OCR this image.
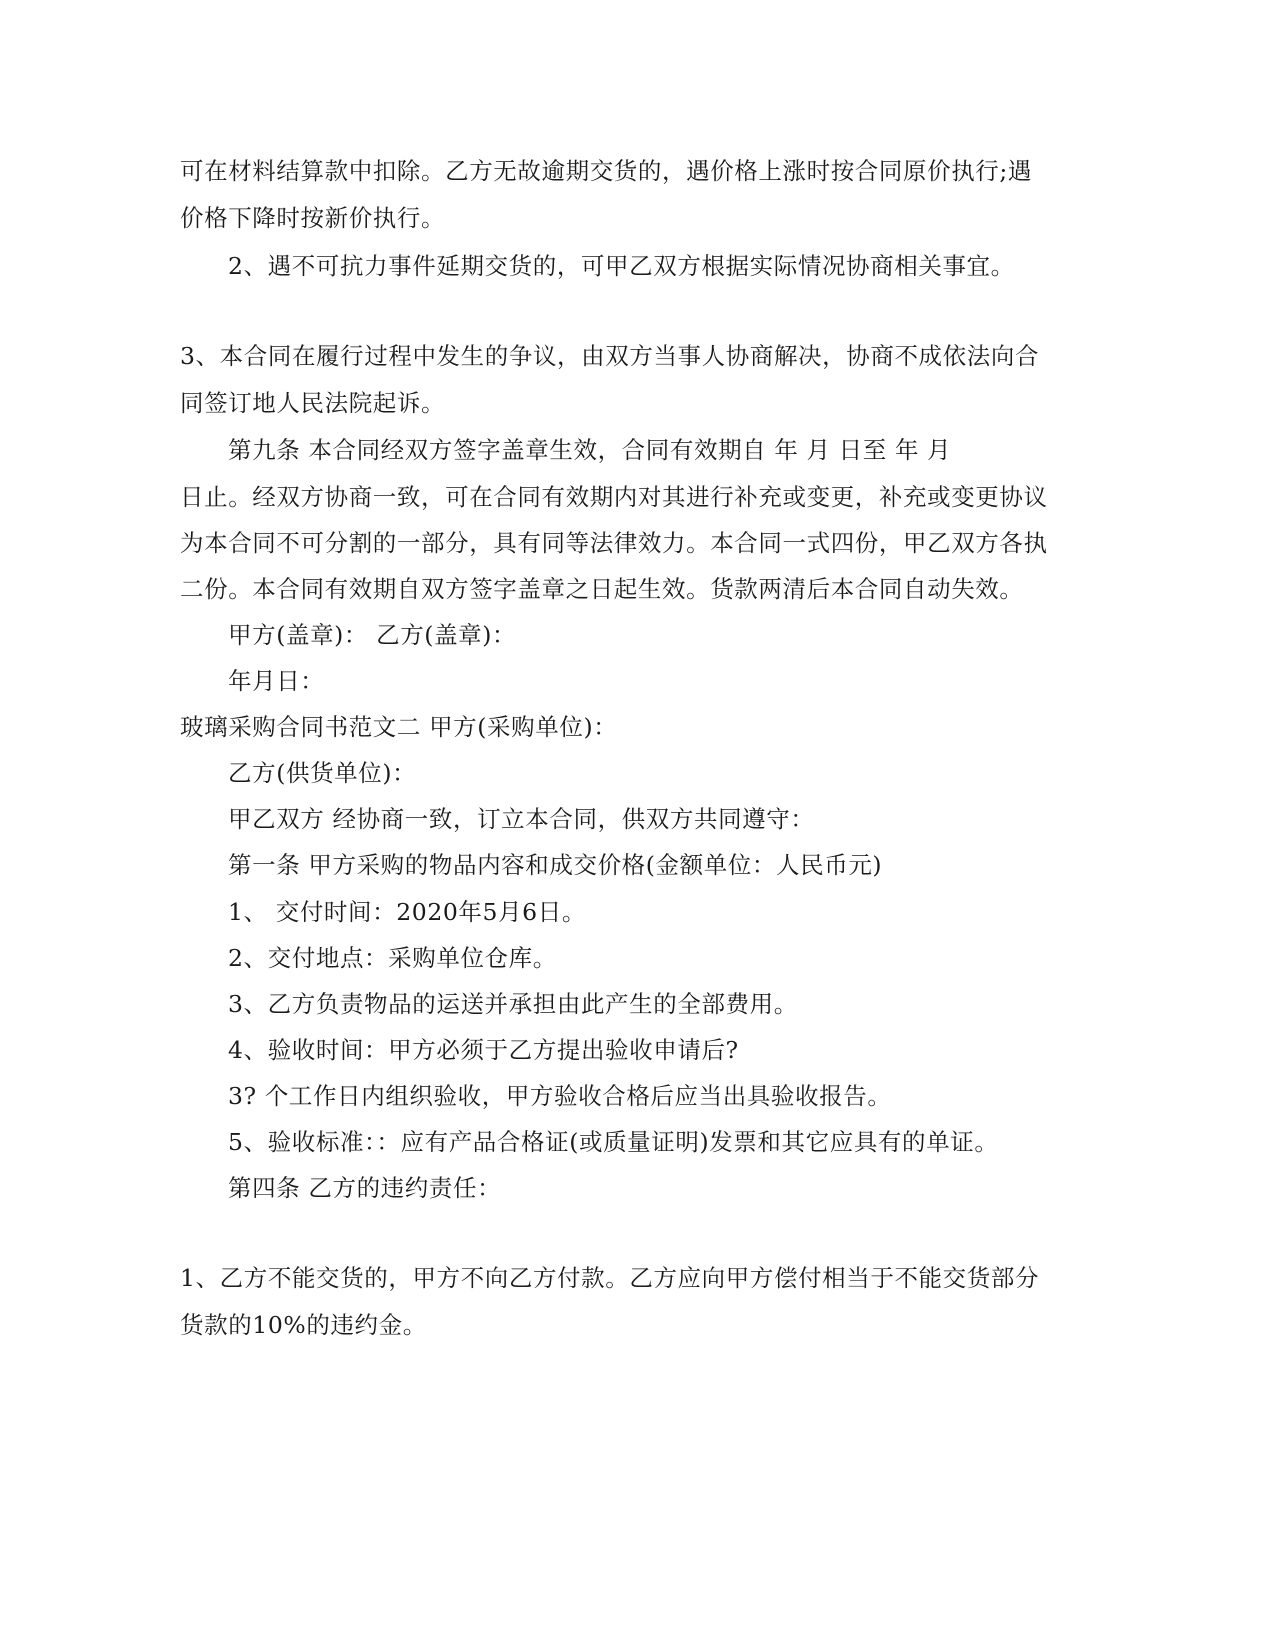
可在材料结算款中扣除。乙方无故逾期交货的，遇价格上涨时按合同原价执行;遇
价格下降时按新价执行。
2、遇不可抗力事件延期交货的，可甲乙双方根据实际情况协商相关事宜。
3、本合同在履行过程中发生的争议，由双方当事人协商解决，协商不成依法向合
同签订地人民法院起诉。
第九条 本合同经双方签字盖章生效，合同有效期自 年 月 日至 年 月
日止。经双方协商一致，可在合同有效期内对其进行补充或变更，补充或变更协议
为本合同不可分割的一部分，具有同等法律效力。本合同一式四份，甲乙双方各执
二份。本合同有效期自双方签字盖章之日起生效。货款两清后本合同自动失效。
甲方(盖章)： 乙方(盖章)：
年月日：
玻璃采购合同书范文二 甲方(采购单位)：
乙方(供货单位)：
甲乙双方 经协商一致，订立本合同，供双方共同遵守：
第一条 甲方采购的物品内容和成交价格(金额单位：人民币元)
1、 交付时间：2020年5月6日。
2、交付地点：采购单位仓库。
3、乙方负责物品的运送并承担由此产生的全部费用。
4、验收时间：甲方必须于乙方提出验收申请后?
3? 个工作日内组织验收，甲方验收合格后应当出具验收报告。
5、验收标准：：应有产品合格证(或质量证明)发票和其它应具有的单证。
第四条 乙方的违约责任：
1、乙方不能交货的，甲方不向乙方付款。乙方应向甲方偿付相当于不能交货部分
货款的10%的违约金。
